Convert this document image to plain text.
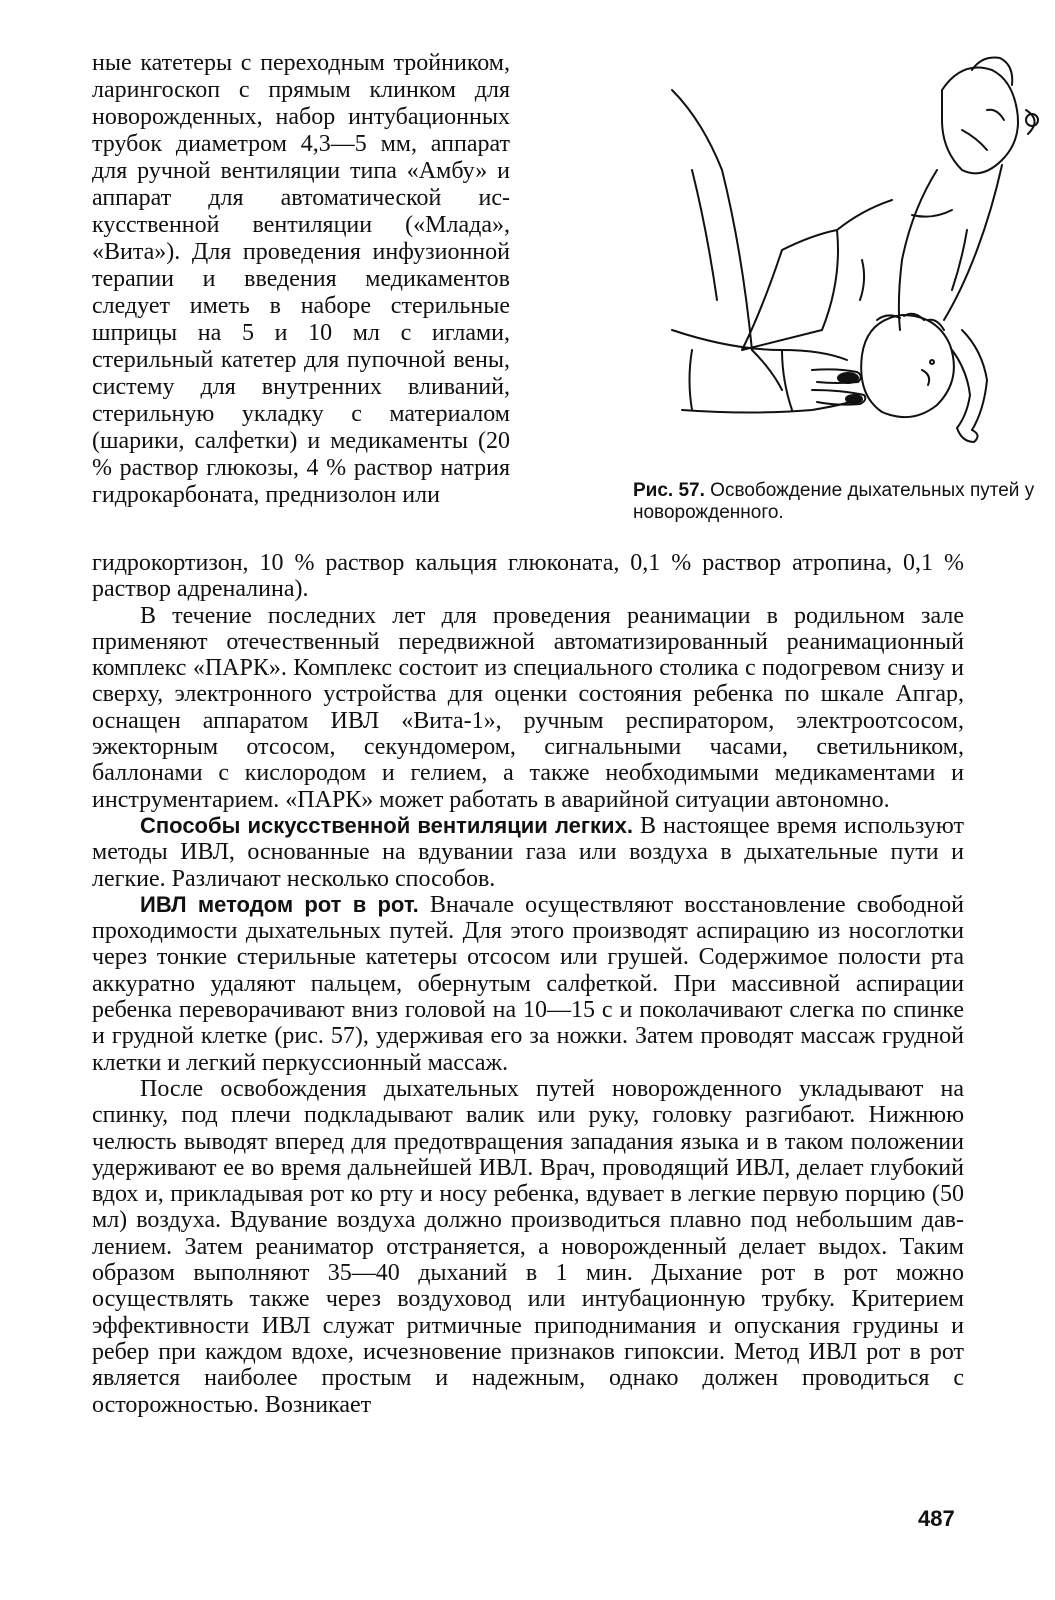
ные катетеры с переходным тройником, ларингоскоп с прямым клинком для новорожденных, набор интубационных трубок диаметром 4,3—5 мм, аппарат для ручной вентиляции типа «Амбу» и аппарат для автоматической искусственной вентиляции («Млада», «Вита»). Для проведения инфузионной терапии и введения медикаментов следует иметь в наборе стерильные шприцы на 5 и 10 мл с иглами, стерильный катетер для пупочной вены, систему для внутренних вливаний, стерильную укладку с материалом (шарики, салфетки) и медикаменты (20 % раствор глюкозы, 4 % раствор натрия гидрокарбоната, преднизолон или	Рис. 57. Освобождение дыхательных путей у новорожденного.

гидрокортизон, 10 % раствор кальция глюконата, 0,1 % раствор атропина, 0,1 % раствор адреналина).

В течение последних лет для проведения реанимации в родильном зале применяют отечественный передвижной автоматизированный реанимационный комплекс «ПАРК». Комплекс состоит из специального столика с подогревом снизу и сверху, электронного устройства для оценки состояния ребенка по шкале Апгар, оснащен аппаратом ИВЛ «Вита-1», ручным респиратором, электроотсосом, эжекторным отсосом, секундомером, сигнальными часами, светильником, баллонами с кислородом и гелием, а также необходимыми медикаментами и инструментарием. «ПАРК» может работать в аварийной ситуации автономно.

Способы искусственной вентиляции легких. В настоящее время используют методы ИВЛ, основанные на вдувании газа или воздуха в дыхательные пути и легкие. Различают несколько способов.

ИВЛ методом рот в рот. Вначале осуществляют восстановление свободной проходимости дыхательных путей. Для этого производят аспирацию из носоглотки через тонкие стерильные катетеры отсосом или грушей. Содержимое полости рта аккуратно удаляют пальцем, обернутым салфеткой. При массивной аспирации ребенка переворачивают вниз головой на 10—15 с и поколачивают слегка по спинке и грудной клетке (рис. 57), удерживая его за ножки. Затем проводят массаж грудной клетки и легкий перкуссионный массаж.

После освобождения дыхательных путей новорожденного укладывают на спинку, под плечи подкладывают валик или руку, головку разгибают. Нижнюю челюсть выводят вперед для предотвращения западания языка и в таком положении удерживают ее во время дальнейшей ИВЛ. Врач, проводящий ИВЛ, делает глубокий вдох и, прикладывая рот ко рту и носу ребенка, вдувает в легкие первую порцию (50 мл) воздуха. Вдувание воздуха должно производиться плавно под небольшим давлением. Затем реаниматор отстраняется, а новорожденный делает выдох. Таким образом выполняют 35—40 дыханий в 1 мин. Дыхание рот в рот можно осуществлять также через воздуховод или интубационную трубку. Критерием эффективности ИВЛ служат ритмичные приподнимания и опускания грудины и ребер при каждом вдохе, исчезновение признаков гипоксии. Метод ИВЛ рот в рот является наиболее простым и надежным, однако должен проводиться с осторожностью. Возникает

487
